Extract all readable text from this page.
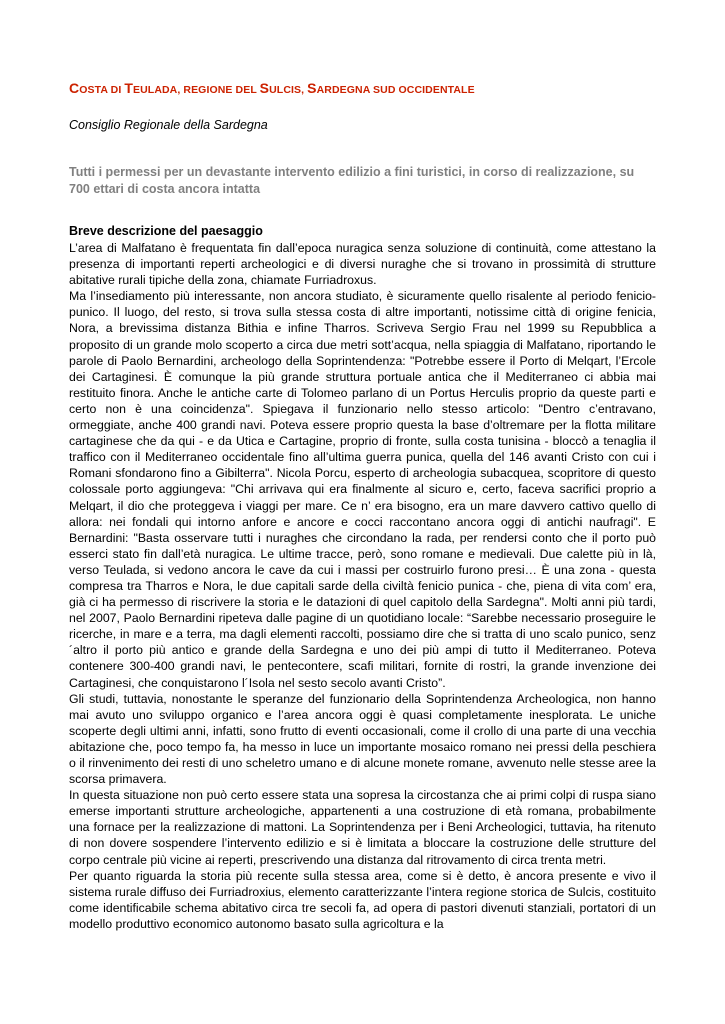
COSTA DI TEULADA, REGIONE DEL SULCIS, SARDEGNA SUD OCCIDENTALE
Consiglio Regionale della Sardegna
Tutti i permessi per un devastante intervento edilizio a fini turistici, in corso di realizzazione, su 700 ettari di costa ancora intatta
Breve descrizione del paesaggio

L’area di Malfatano è frequentata fin dall’epoca nuragica senza soluzione di continuità, come attestano la presenza di importanti reperti archeologici e di diversi nuraghe che si trovano in prossimità di strutture abitative rurali tipiche della zona, chiamate Furriadroxus.

Ma l’insediamento più interessante, non ancora studiato, è sicuramente quello risalente al periodo fenicio-punico. Il luogo, del resto, si trova sulla stessa costa di altre importanti, notissime città di origine fenicia, Nora, a brevissima distanza Bithia e infine Tharros. Scriveva Sergio Frau nel 1999 su Repubblica a proposito di un grande molo scoperto a circa due metri sott’acqua, nella spiaggia di Malfatano, riportando le parole di Paolo Bernardini, archeologo della Soprintendenza: "Potrebbe essere il Porto di Melqart, l’Ercole dei Cartaginesi. È comunque la più grande struttura portuale antica che il Mediterraneo ci abbia mai restituito finora. Anche le antiche carte di Tolomeo parlano di un Portus Herculis proprio da queste parti e certo non è una coincidenza". Spiegava il funzionario nello stesso articolo: "Dentro c’entravano, ormeggiate, anche 400 grandi navi. Poteva essere proprio questa la base d’oltremare per la flotta militare cartaginese che da qui - e da Utica e Cartagine, proprio di fronte, sulla costa tunisina - bloccò a tenaglia il traffico con il Mediterraneo occidentale fino all’ultima guerra punica, quella del 146 avanti Cristo con cui i Romani sfondarono fino a Gibilterra". Nicola Porcu, esperto di archeologia subacquea, scopritore di questo colossale porto aggiungeva: "Chi arrivava qui era finalmente al sicuro e, certo, faceva sacrifici proprio a Melqart, il dio che proteggeva i viaggi per mare. Ce n’ era bisogno, era un mare davvero cattivo quello di allora: nei fondali qui intorno anfore e ancore e cocci raccontano ancora oggi di antichi naufragi". E Bernardini: "Basta osservare tutti i nuraghes che circondano la rada, per rendersi conto che il porto può esserci stato fin dall’età nuragica. Le ultime tracce, però, sono romane e medievali. Due calette più in là, verso Teulada, si vedono ancora le cave da cui i massi per costruirlo furono presi… È una zona - questa compresa tra Tharros e Nora, le due capitali sarde della civiltà fenicio punica - che, piena di vita com’ era, già ci ha permesso di riscrivere la storia e le datazioni di quel capitolo della Sardegna". Molti anni più tardi, nel 2007, Paolo Bernardini ripeteva dalle pagine di un quotidiano locale: “Sarebbe necessario proseguire le ricerche, in mare e a terra, ma dagli elementi raccolti, possiamo dire che si tratta di uno scalo punico, senz´altro il porto più antico e grande della Sardegna e uno dei più ampi di tutto il Mediterraneo. Poteva contenere 300-400 grandi navi, le pentecontere, scafi militari, fornite di rostri, la grande invenzione dei Cartaginesi, che conquistarono l´Isola nel sesto secolo avanti Cristo”.

Gli studi, tuttavia, nonostante le speranze del funzionario della Soprintendenza Archeologica, non hanno mai avuto uno sviluppo organico e l’area ancora oggi è quasi completamente inesplorata. Le uniche scoperte degli ultimi anni, infatti, sono frutto di eventi occasionali, come il crollo di una parte di una vecchia abitazione che, poco tempo fa, ha messo in luce un importante mosaico romano nei pressi della peschiera o il rinvenimento dei resti di uno scheletro umano e di alcune monete romane, avvenuto nelle stesse aree la scorsa primavera.

In questa situazione non può certo essere stata una sopresa la circostanza che ai primi colpi di ruspa siano emerse importanti strutture archeologiche, appartenenti a una costruzione di età romana, probabilmente una fornace per la realizzazione di mattoni. La Soprintendenza per i Beni Archeologici, tuttavia, ha ritenuto di non dovere sospendere l’intervento edilizio e si è limitata a bloccare la costruzione delle strutture del corpo centrale più vicine ai reperti, prescrivendo una distanza dal ritrovamento di circa trenta metri.

Per quanto riguarda la storia più recente sulla stessa area, come si è detto, è ancora presente e vivo il sistema rurale diffuso dei Furriadroxius, elemento caratterizzante l’intera regione storica de Sulcis, costituito come identificabile schema abitativo circa tre secoli fa, ad opera di pastori divenuti stanziali, portatori di un modello produttivo economico autonomo basato sulla agricoltura e la
